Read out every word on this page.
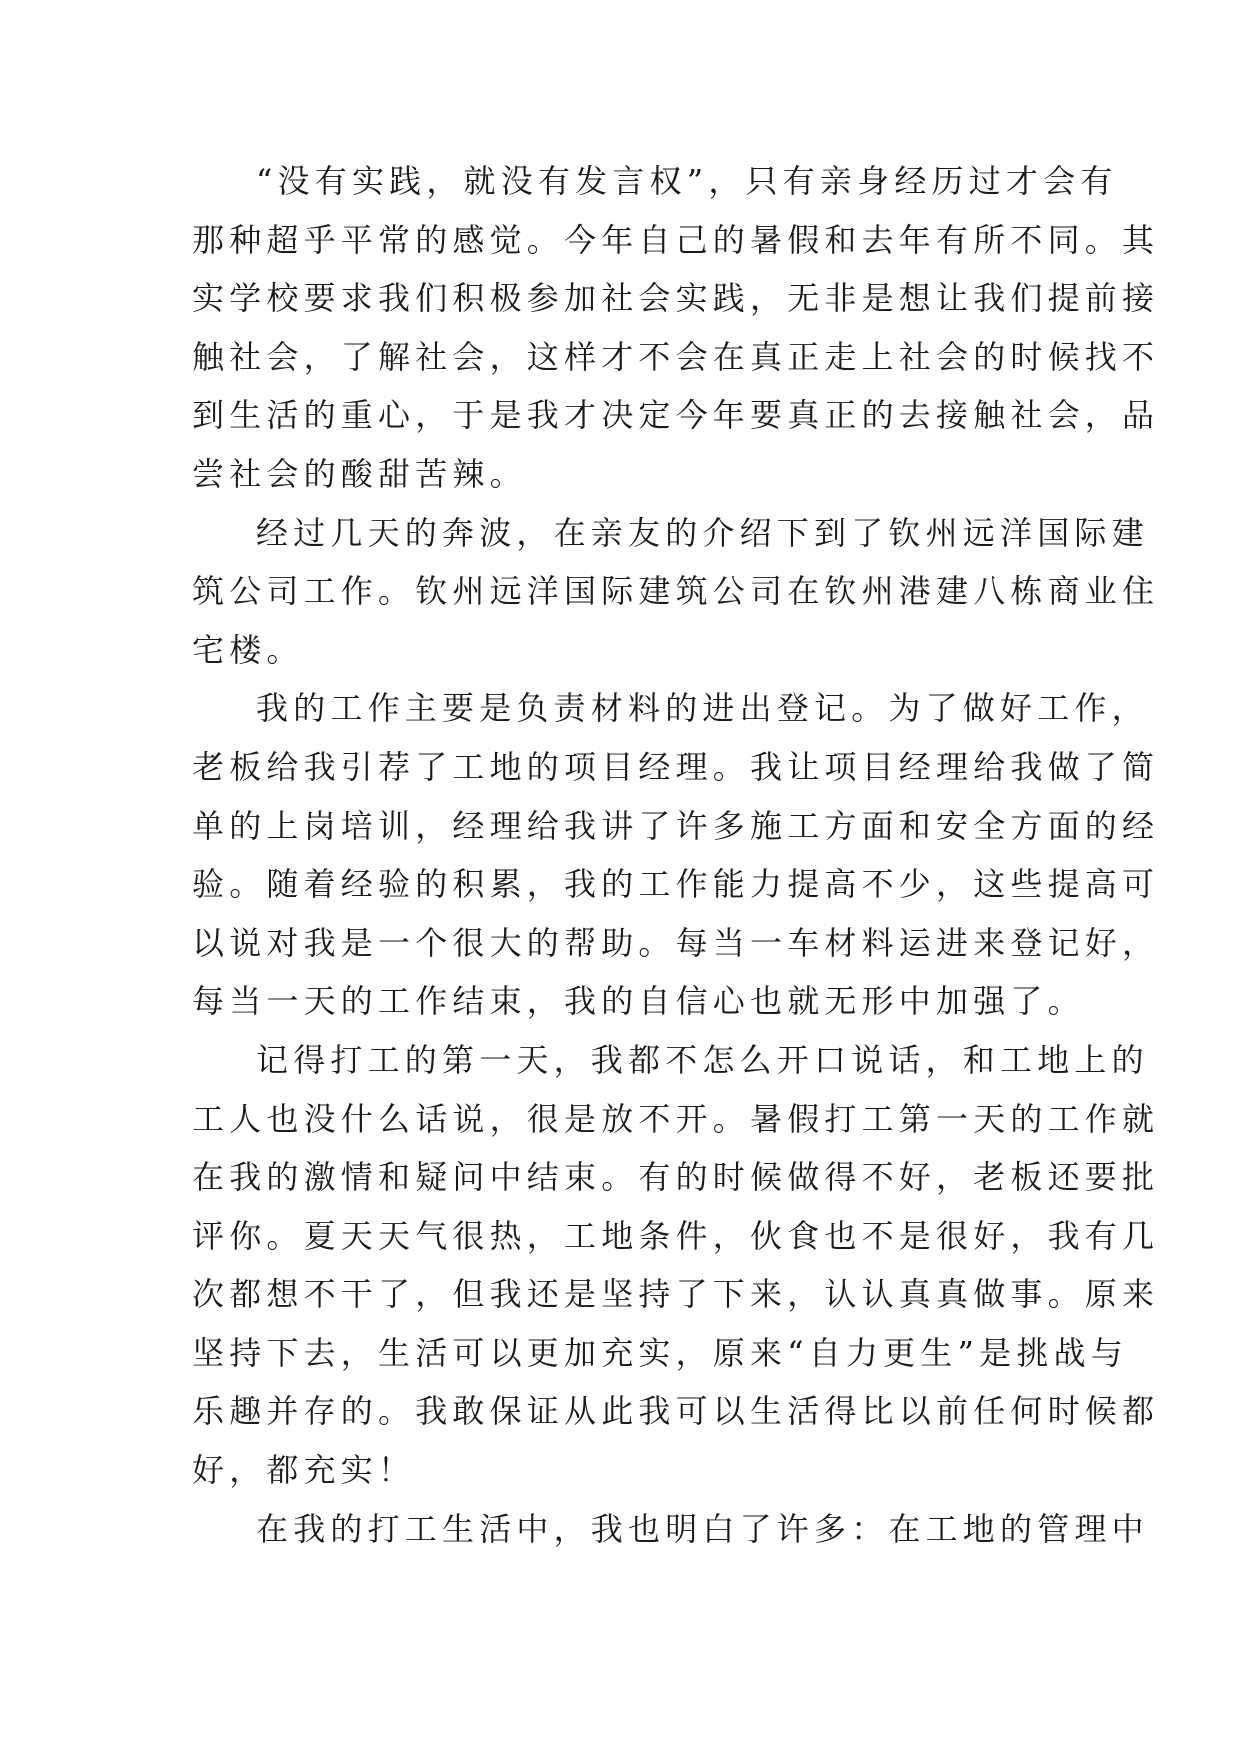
“没有实践，就没有发言权”，只有亲身经历过才会有
那种超乎平常的感觉。今年自己的暑假和去年有所不同。其
实学校要求我们积极参加社会实践，无非是想让我们提前接
触社会，了解社会，这样才不会在真正走上社会的时候找不
到生活的重心，于是我才决定今年要真正的去接触社会，品
尝社会的酸甜苦辣。
经过几天的奔波，在亲友的介绍下到了钦州远洋国际建
筑公司工作。钦州远洋国际建筑公司在钦州港建八栋商业住
宅楼。
我的工作主要是负责材料的进出登记。为了做好工作，
老板给我引荐了工地的项目经理。我让项目经理给我做了简
单的上岗培训，经理给我讲了许多施工方面和安全方面的经
验。随着经验的积累，我的工作能力提高不少，这些提高可
以说对我是一个很大的帮助。每当一车材料运进来登记好，
每当一天的工作结束，我的自信心也就无形中加强了。
记得打工的第一天，我都不怎么开口说话，和工地上的
工人也没什么话说，很是放不开。暑假打工第一天的工作就
在我的激情和疑问中结束。有的时候做得不好，老板还要批
评你。夏天天气很热，工地条件，伙食也不是很好，我有几
次都想不干了，但我还是坚持了下来，认认真真做事。原来
坚持下去，生活可以更加充实，原来“自力更生”是挑战与
乐趣并存的。我敢保证从此我可以生活得比以前任何时候都
好，都充实！
在我的打工生活中，我也明白了许多：在工地的管理中
